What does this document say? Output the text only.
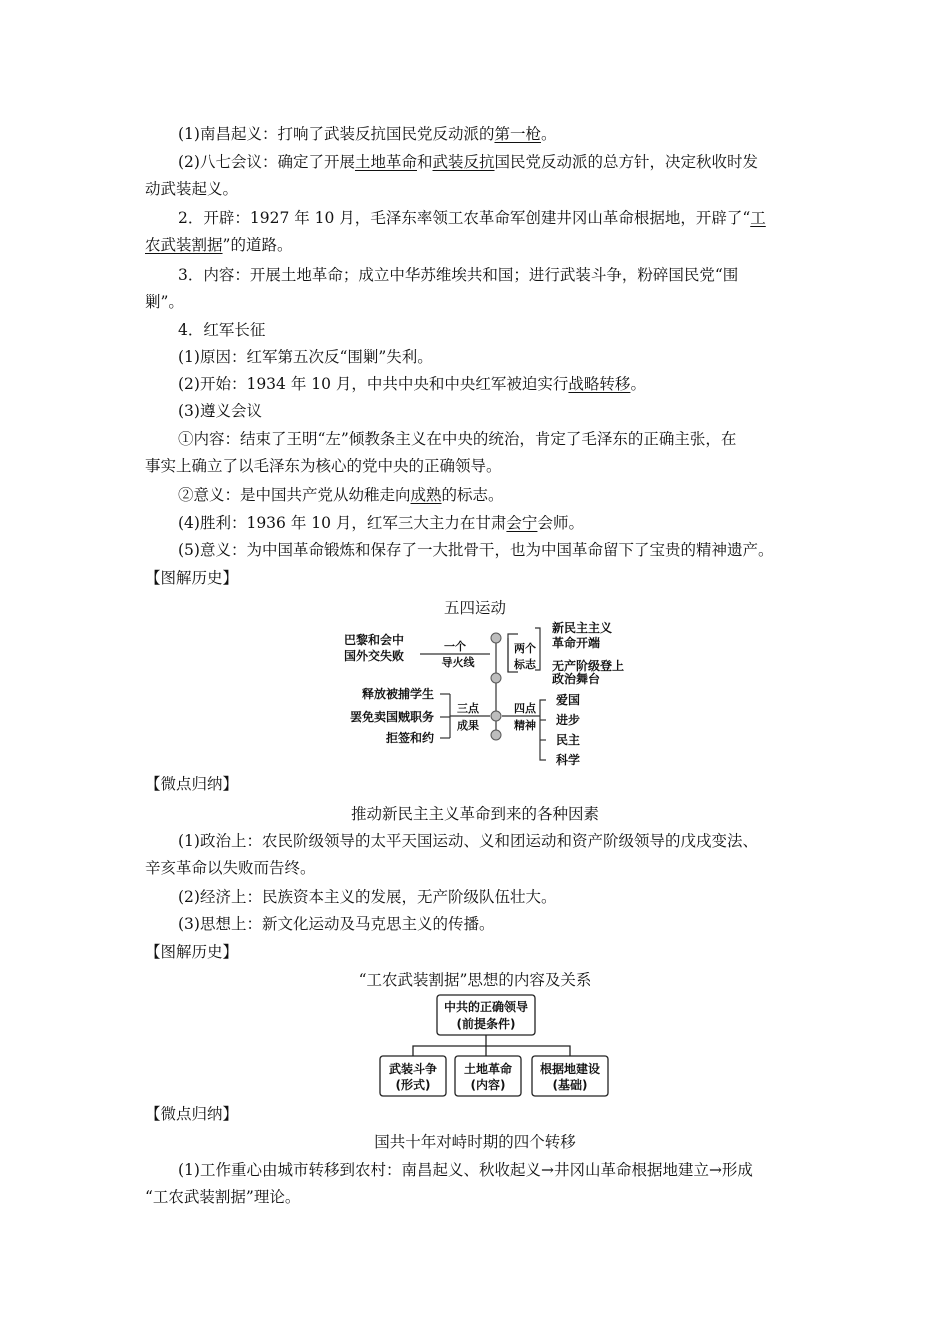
(1)南昌起义：打响了武装反抗国民党反动派的第一枪。
(2)八七会议：确定了开展土地革命和武装反抗国民党反动派的总方针，决定秋收时发
动武装起义。
2．开辟：1927 年 10 月，毛泽东率领工农革命军创建井冈山革命根据地，开辟了“工
农武装割据”的道路。
3．内容：开展土地革命；成立中华苏维埃共和国；进行武装斗争，粉碎国民党“围
剿”。
4．红军长征
(1)原因：红军第五次反“围剿”失利。
(2)开始：1934 年 10 月，中共中央和中央红军被迫实行战略转移。
(3)遵义会议
①内容：结束了王明“左”倾教条主义在中央的统治，肯定了毛泽东的正确主张，在
事实上确立了以毛泽东为核心的党中央的正确领导。
②意义：是中国共产党从幼稚走向成熟的标志。
(4)胜利：1936 年 10 月，红军三大主力在甘肃会宁会师。
(5)意义：为中国革命锻炼和保存了一大批骨干，也为中国革命留下了宝贵的精神遗产。
【图解历史】
五四运动
巴黎和会中
国外交失败
一个
导火线
两个
标志
新民主主义
革命开端
无产阶级登上
政治舞台
释放被捕学生
罢免卖国贼职务
拒签和约
三点
成果
四点
精神
爱国
进步
民主
科学
【微点归纳】
推动新民主主义革命到来的各种因素
(1)政治上：农民阶级领导的太平天国运动、义和团运动和资产阶级领导的戊戌变法、
辛亥革命以失败而告终。
(2)经济上：民族资本主义的发展，无产阶级队伍壮大。
(3)思想上：新文化运动及马克思主义的传播。
【图解历史】
“工农武装割据”思想的内容及关系
中共的正确领导
(前提条件)
武装斗争
(形式)
土地革命
(内容)
根据地建设
(基础)
【微点归纳】
国共十年对峙时期的四个转移
(1)工作重心由城市转移到农村：南昌起义、秋收起义→井冈山革命根据地建立→形成
“工农武装割据”理论。
